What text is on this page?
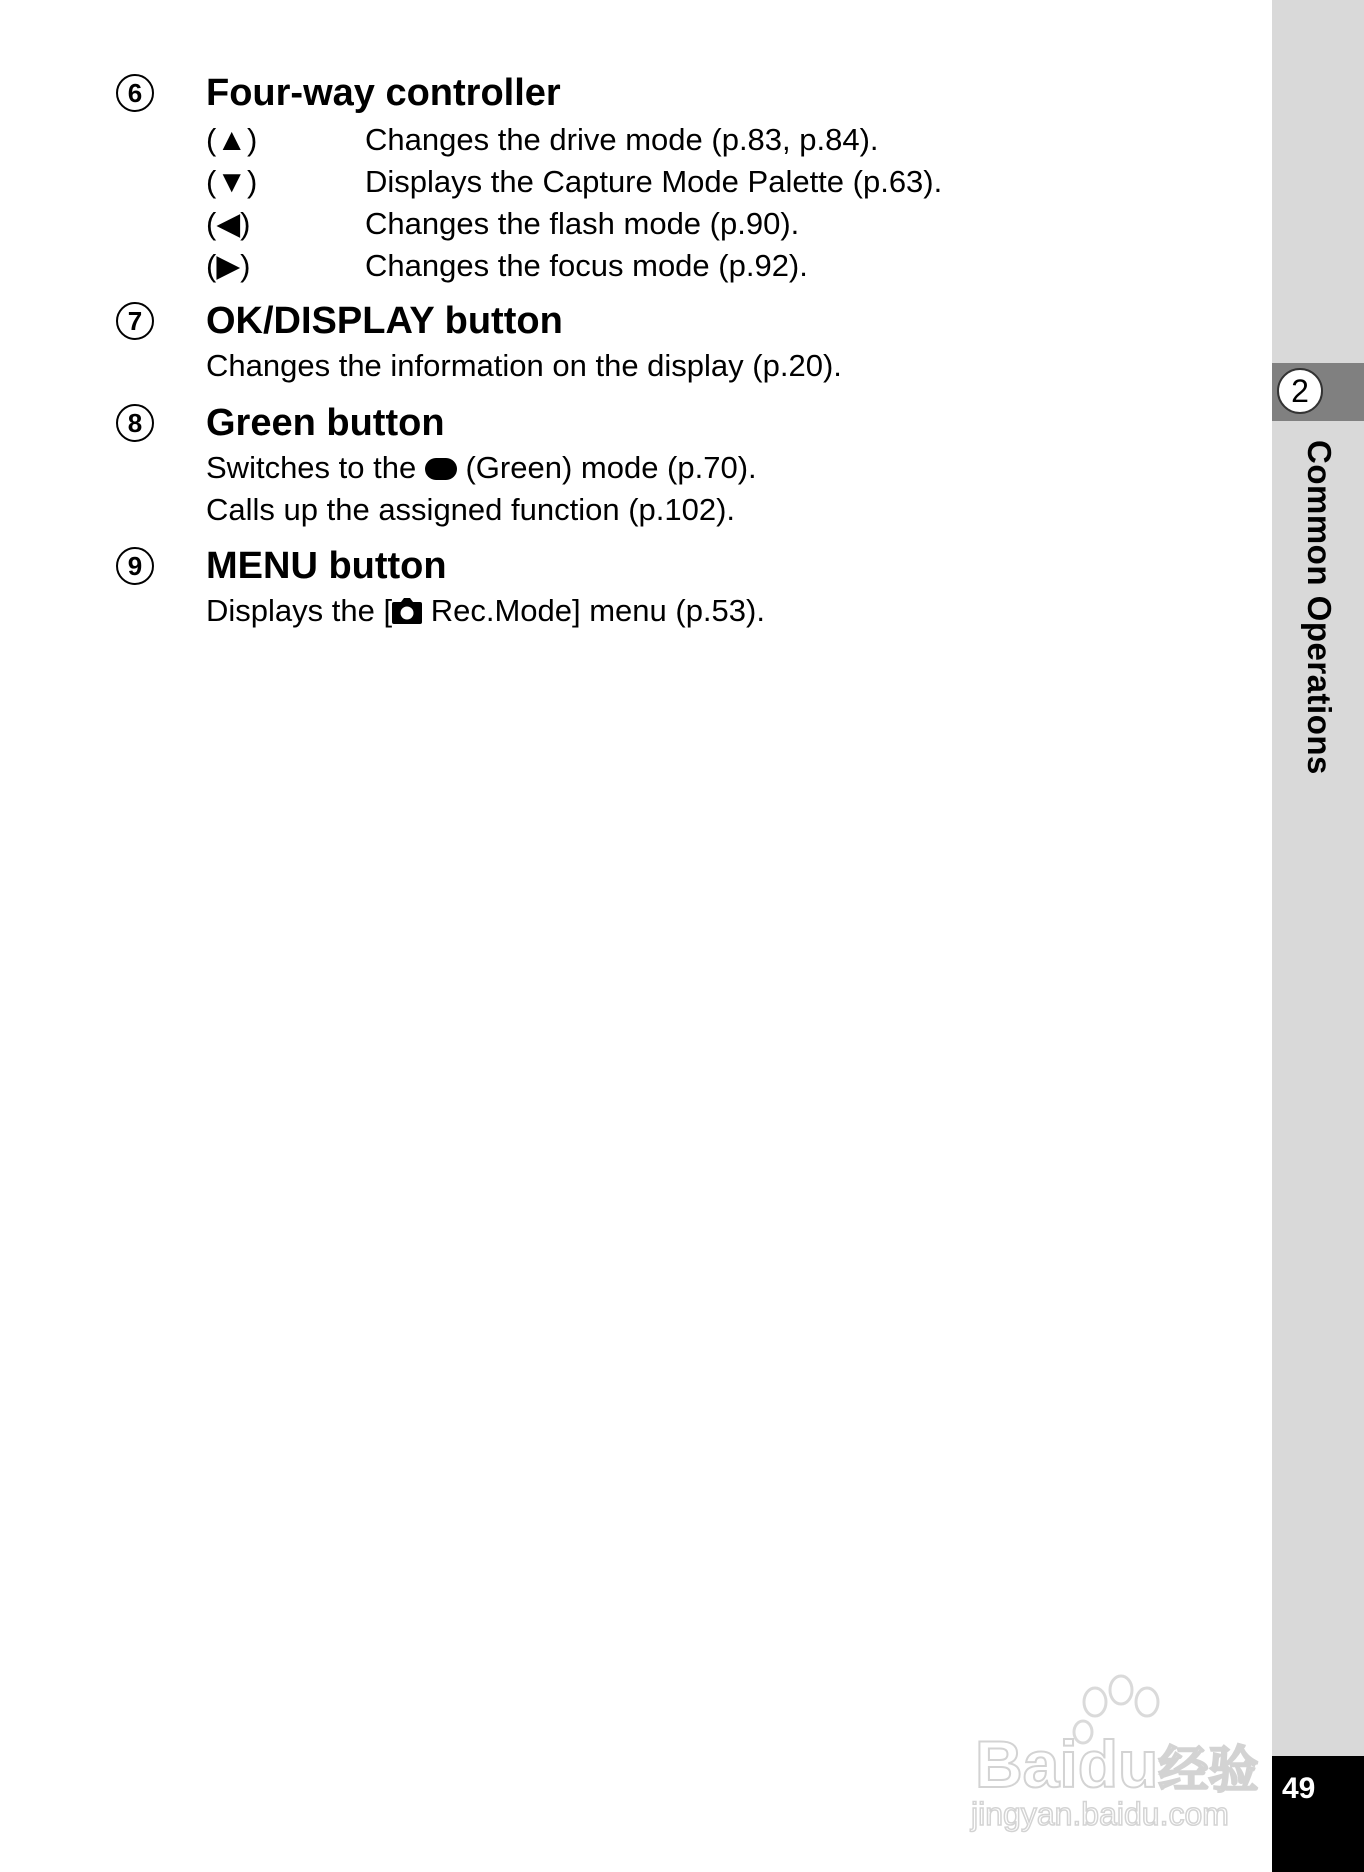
2
Common Operations
6	Four-way controller
(▲)	Changes the drive mode (p.83, p.84).
(▼)	Displays the Capture Mode Palette (p.63).
(◀)	Changes the flash mode (p.90).
(▶)	Changes the focus mode (p.92).
7	OK/DISPLAY button
Changes the information on the display (p.20).
8	Green button
Switches to the (Green) mode (p.70).
Calls up the assigned function (p.102).
9	MENU button
Displays the [ Rec.Mode] menu (p.53).
Baidu经验
jingyan.baidu.com
49
